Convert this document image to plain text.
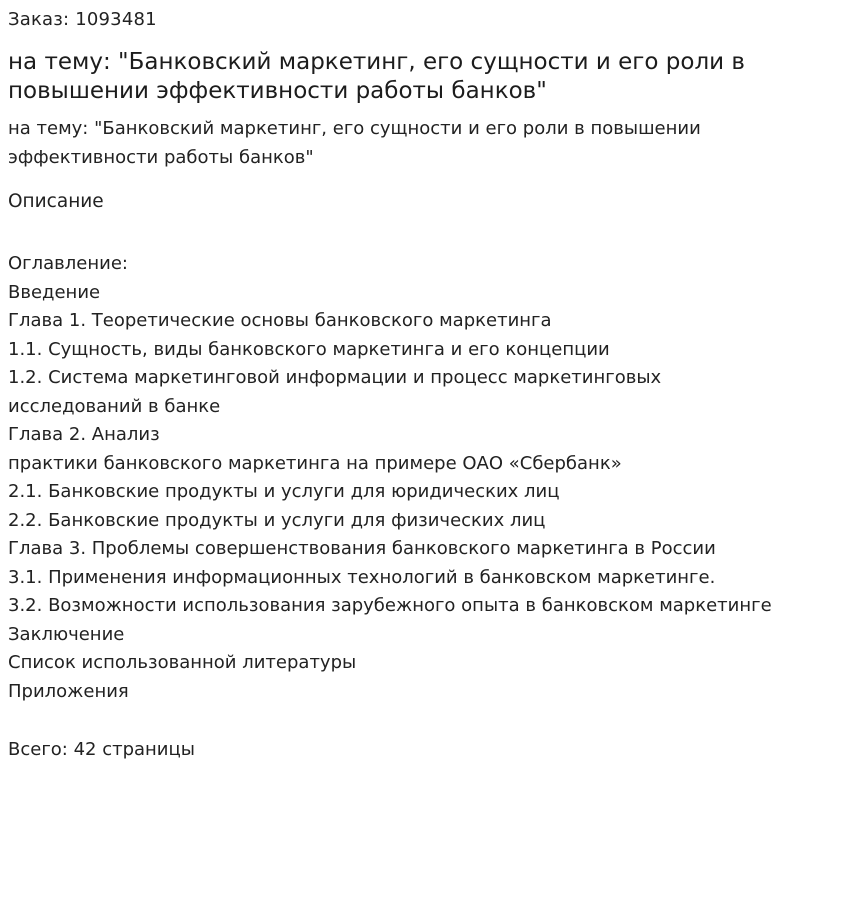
Заказ: 1093481

на тему: "Банковский маркетинг, его сущности и его роли в повышении эффективности работы банков"

на тему: "Банковский маркетинг, его сущности и его роли в повышении эффективности работы банков"

Описание

Оглавление:
Введение
Глава 1. Теоретические основы банковского маркетинга
1.1. Сущность, виды банковского маркетинга и его концепции
1.2. Система маркетинговой информации и процесс маркетинговых исследований в банке
Глава 2. Анализ
практики банковского маркетинга на примере ОАО «Сбербанк»
2.1. Банковские продукты и услуги для юридических лиц
2.2. Банковские продукты и услуги для физических лиц
Глава 3. Проблемы совершенствования банковского маркетинга в России
3.1. Применения информационных технологий в банковском маркетинге.
3.2. Возможности использования зарубежного опыта в банковском маркетинге
Заключение
Список использованной литературы
Приложения

Всего: 42 страницы
